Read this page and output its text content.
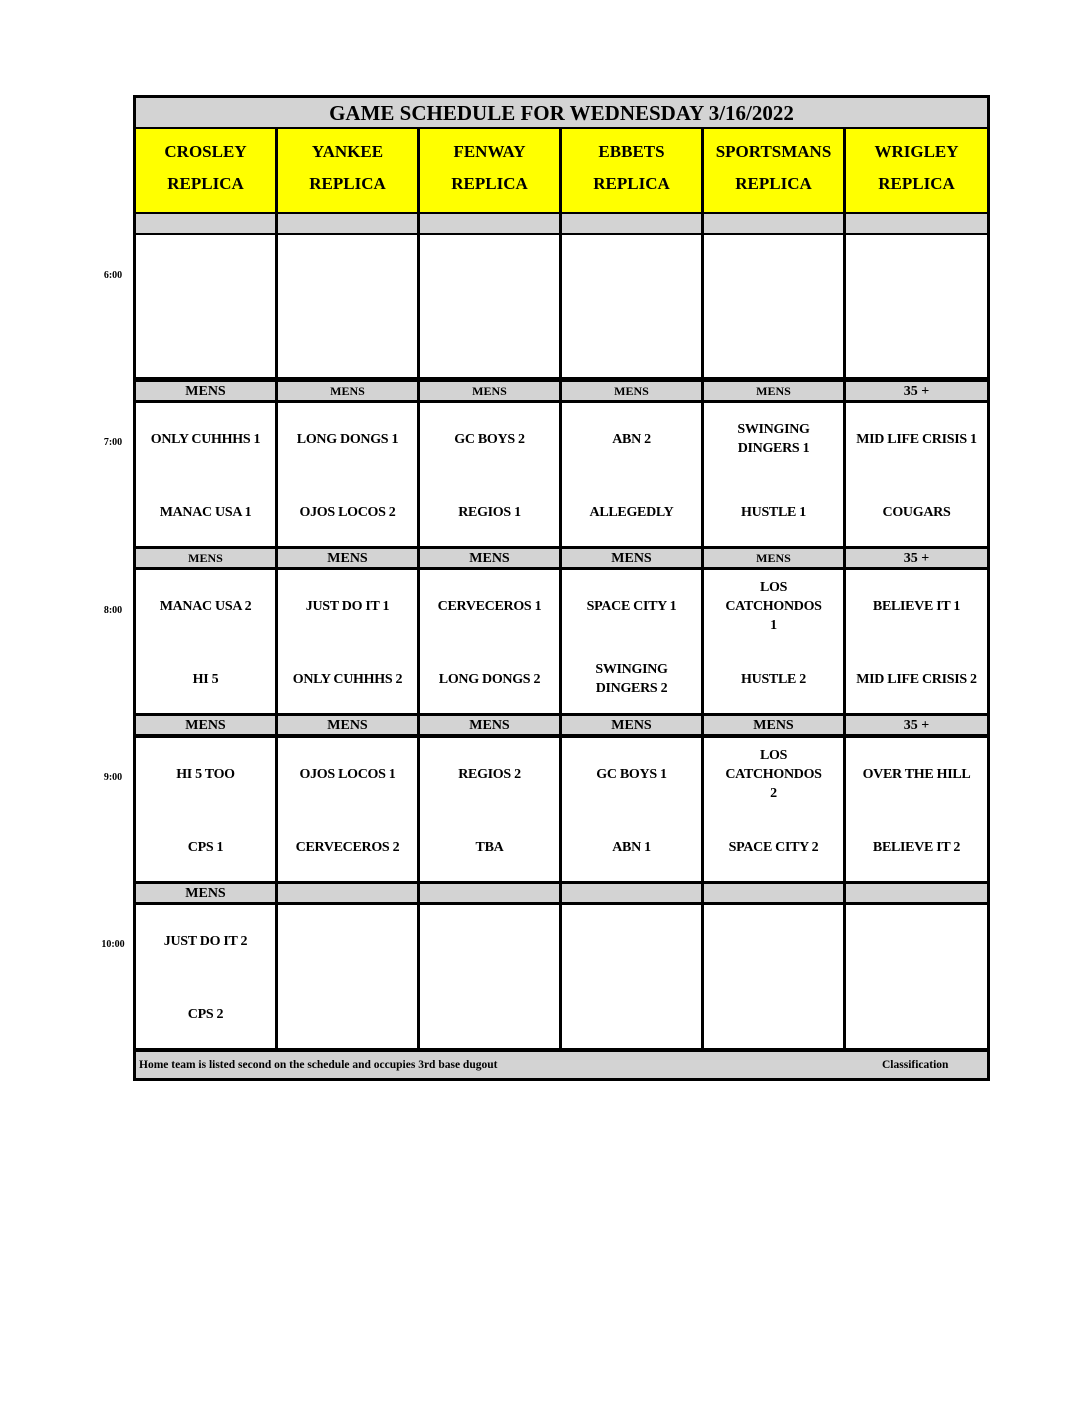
6:00
7:00
8:00
9:00
10:00
GAME SCHEDULE FOR WEDNESDAY 3/16/2022
Home team is listed second on the schedule and occupies 3rd base dugout	Classification
CROSLEY
REPLICA
YANKEE
REPLICA
FENWAY
REPLICA
EBBETS
REPLICA
SPORTSMANS
REPLICA
WRIGLEY
REPLICA
MENS
ONLY CUHHHS 1
MANAC USA 1
MENS
LONG DONGS 1
OJOS LOCOS 2
MENS
GC BOYS 2
REGIOS 1
MENS
ABN 2
ALLEGEDLY
MENS
SWINGING DINGERS 1
HUSTLE 1
35 +
MID LIFE CRISIS 1
COUGARS
MENS
MANAC USA 2
HI 5
MENS
JUST DO IT 1
ONLY CUHHHS 2
MENS
CERVECEROS 1
LONG DONGS 2
MENS
SPACE CITY 1
SWINGING DINGERS 2
MENS
LOS CATCHONDOS 1
HUSTLE 2
35 +
BELIEVE IT 1
MID LIFE CRISIS 2
MENS
HI 5 TOO
CPS 1
MENS
OJOS LOCOS 1
CERVECEROS 2
MENS
REGIOS 2
TBA
MENS
GC BOYS 1
ABN 1
MENS
LOS CATCHONDOS 2
SPACE CITY 2
35 +
OVER THE HILL
BELIEVE IT 2
MENS
JUST DO IT 2
CPS 2
